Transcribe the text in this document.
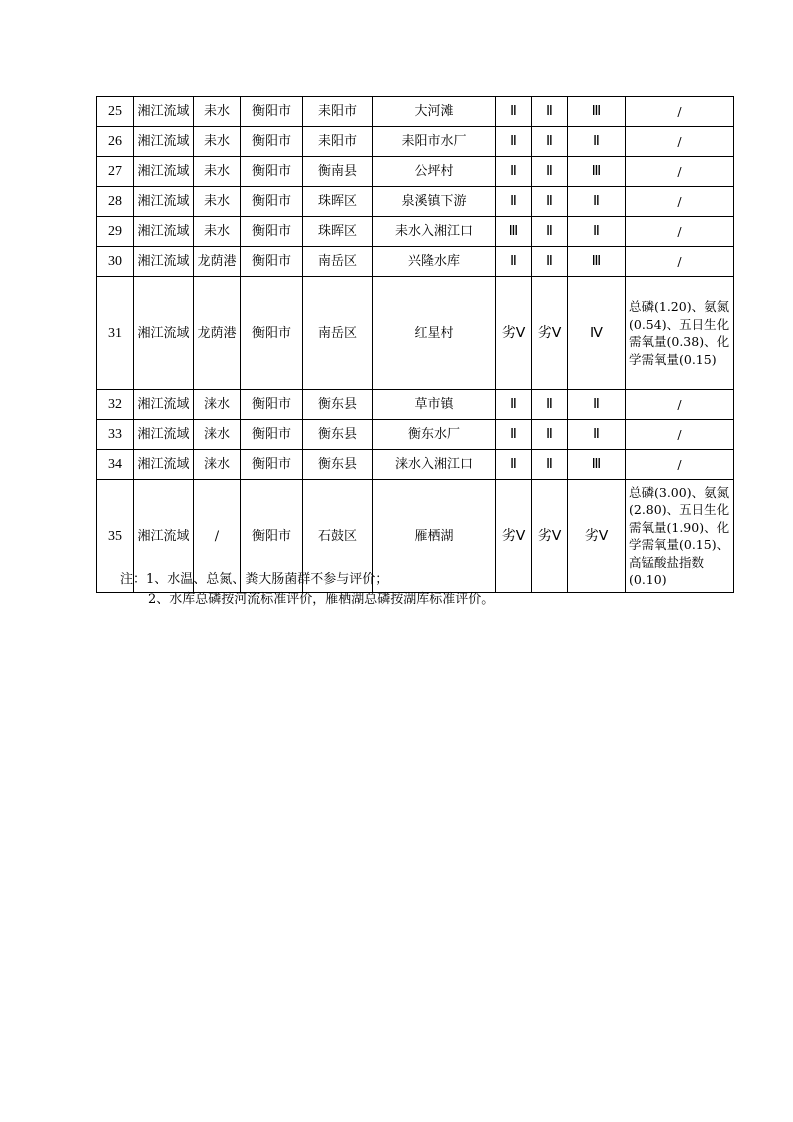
25	湘江流域	耒水	衡阳市	耒阳市	大河滩	Ⅱ	Ⅱ	Ⅲ	/
26	湘江流域	耒水	衡阳市	耒阳市	耒阳市水厂	Ⅱ	Ⅱ	Ⅱ	/
27	湘江流域	耒水	衡阳市	衡南县	公坪村	Ⅱ	Ⅱ	Ⅲ	/
28	湘江流域	耒水	衡阳市	珠晖区	泉溪镇下游	Ⅱ	Ⅱ	Ⅱ	/
29	湘江流域	耒水	衡阳市	珠晖区	耒水入湘江口	Ⅲ	Ⅱ	Ⅱ	/
30	湘江流域	龙荫港	衡阳市	南岳区	兴隆水库	Ⅱ	Ⅱ	Ⅲ	/
31	湘江流域	龙荫港	衡阳市	南岳区	红星村	劣Ⅴ	劣Ⅴ	Ⅳ	总磷(1.20)、氨氮(0.54)、五日生化需氧量(0.38)、化学需氧量(0.15)
32	湘江流域	涞水	衡阳市	衡东县	草市镇	Ⅱ	Ⅱ	Ⅱ	/
33	湘江流域	涞水	衡阳市	衡东县	衡东水厂	Ⅱ	Ⅱ	Ⅱ	/
34	湘江流域	涞水	衡阳市	衡东县	涞水入湘江口	Ⅱ	Ⅱ	Ⅲ	/
35	湘江流域	/	衡阳市	石鼓区	雁栖湖	劣Ⅴ	劣Ⅴ	劣Ⅴ	总磷(3.00)、氨氮(2.80)、五日生化需氧量(1.90)、化学需氧量(0.15)、高锰酸盐指数(0.10)
注：1、水温、总氮、粪大肠菌群不参与评价；
2、水库总磷按河流标准评价，雁栖湖总磷按湖库标准评价。
